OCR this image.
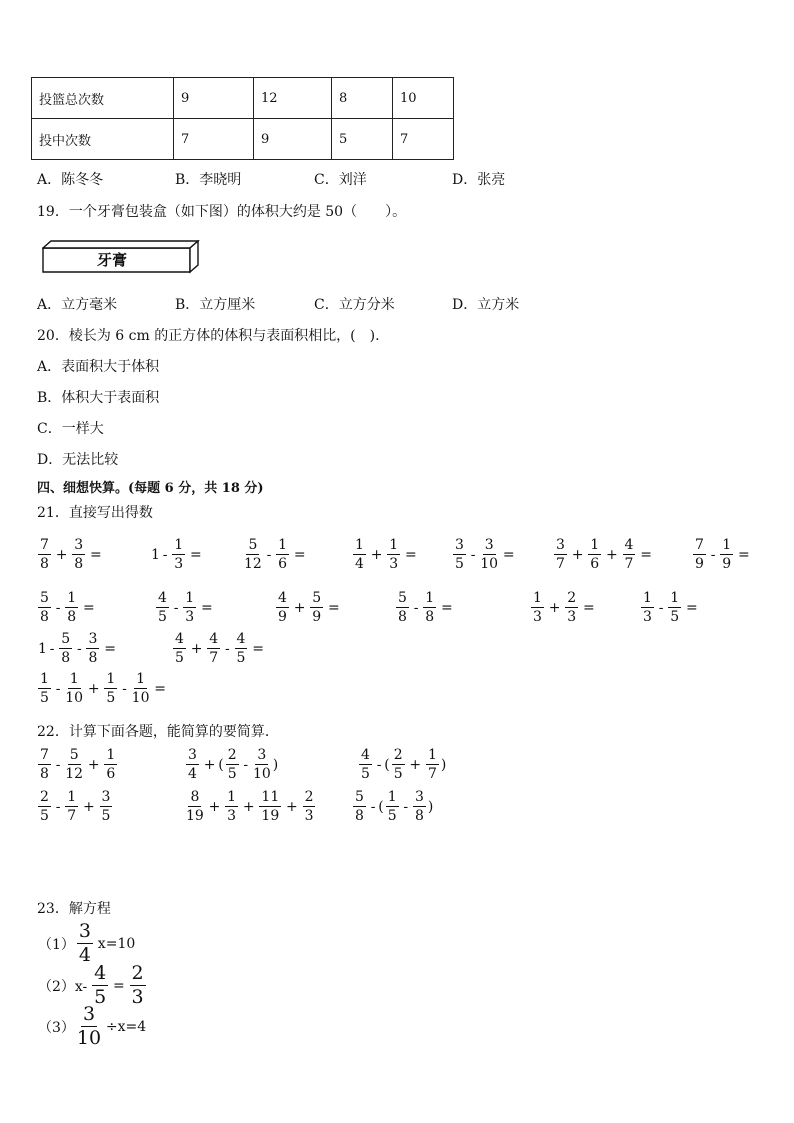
投篮总次数	9	12	8	10
投中次数	7	9	5	7
A．陈冬冬	B．李晓明	C．刘洋	D．张亮
19．一个牙膏包装盒（如下图）的体积大约是 50（　　）。
牙膏
A．立方毫米	B．立方厘米	C．立方分米	D．立方米
20．棱长为 6 cm 的正方体的体积与表面积相比，(　).
A．表面积大于体积
B．体积大于表面积
C．一样大
D．无法比较
四、细想快算。(每题 6 分，共 18 分)
21．直接写出得数
$\frac{7}{8} + \frac{3}{8}$  =	$1 - \frac{1}{3}$  =	$\frac{5}{12} - \frac{1}{6}$  =	$\frac{1}{4} + \frac{1}{3}$  =	$\frac{3}{5} - \frac{3}{10}$  =	$\frac{3}{7} + \frac{1}{6} + \frac{4}{7}$  =	$\frac{7}{9} - \frac{1}{9}$  =
$\frac{5}{8} - \frac{1}{8}$  =	$\frac{4}{5} - \frac{1}{3}$  =	$\frac{4}{9} + \frac{5}{9}$  =	$\frac{5}{8} - \frac{1}{8}$  =	$\frac{1}{3} + \frac{2}{3}$  =	$\frac{1}{3} - \frac{1}{5}$  =
$1 - \frac{5}{8} - \frac{3}{8}$  =	$\frac{4}{5} + \frac{4}{7} - \frac{4}{5}$  =
$\frac{1}{5} - \frac{1}{10} + \frac{1}{5} - \frac{1}{10}$  =
22．计算下面各题，能简算的要简算．
$\frac{7}{8} - \frac{5}{12} + \frac{1}{6}$	$\frac{3}{4}$  + ( $\frac{2}{5} - \frac{3}{10}$ )	$\frac{4}{5}$  - ( $\frac{2}{5} + \frac{1}{7}$ )
$\frac{2}{5} - \frac{1}{7} + \frac{3}{5}$	$\frac{8}{19} + \frac{1}{3} + \frac{11}{19} + \frac{2}{3}$	$\frac{5}{8}$  - ( $\frac{1}{5} - \frac{3}{8}$ )
23．解方程
$(1) \frac{3}{4} x=10$
$(2)x- \frac{4}{5} = \frac{2}{3}$
$(3) \frac{3}{10} \div x=4$
